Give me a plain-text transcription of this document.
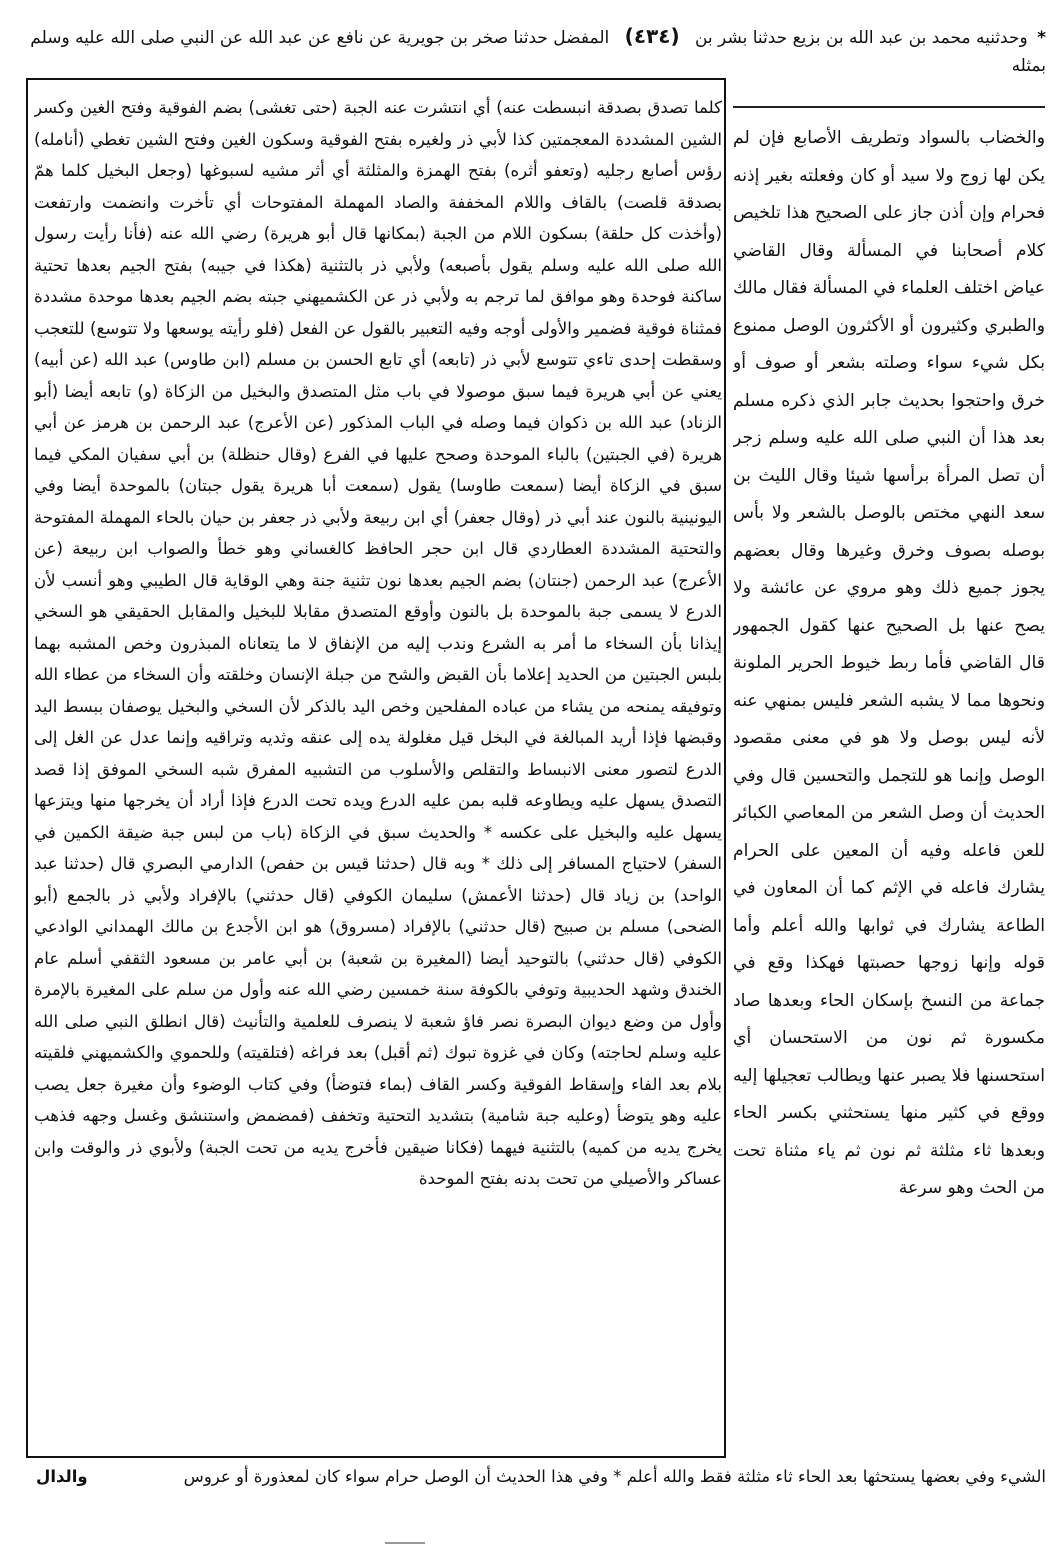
* وحدثنيه محمد بن عبد الله بن بزيع حدثنا بشر بن (٤٣٤) المفضل حدثنا صخر بن جويرية عن نافع عن عبد الله عن النبي صلى الله عليه وسلم بمثله
كلما تصدق بصدقة انبسطت عنه) أي انتشرت عنه الجبة (حتى تغشى) بضم الفوقية وفتح الغين وكسر الشين المشددة المعجمتين كذا لأبي ذر ولغيره بفتح الفوقية وسكون الغين وفتح الشين تغطي (أنامله) رؤس أصابع رجليه (وتعفو أثره) بفتح الهمزة والمثلثة أي أثر مشيه لسبوغها (وجعل البخيل كلما همّ بصدقة قلصت) بالقاف واللام المخففة والصاد المهملة المفتوحات أي تأخرت وانضمت وارتفعت (وأخذت كل حلقة) بسكون اللام من الجبة (بمكانها قال أبو هريرة) رضي الله عنه (فأنا رأيت رسول الله صلى الله عليه وسلم يقول بأصبعه) ولأبي ذر بالتثنية (هكذا في جيبه) بفتح الجيم بعدها تحتية ساكنة فوحدة وهو موافق لما ترجم به ولأبي ذر عن الكشميهني جبته بضم الجيم بعدها موحدة مشددة فمثناة فوقية فضمير والأولى أوجه وفيه التعبير بالقول عن الفعل (فلو رأيته يوسعها ولا تتوسع) للتعجب وسقطت إحدى تاءي تتوسع لأبي ذر (تابعه) أي تابع الحسن بن مسلم (ابن طاوس) عبد الله (عن أبيه) يعني عن أبي هريرة فيما سبق موصولا في باب مثل المتصدق والبخيل من الزكاة (و) تابعه أيضا (أبو الزناد) عبد الله بن ذكوان فيما وصله في الباب المذكور (عن الأعرج) عبد الرحمن بن هرمز عن أبي هريرة (في الجبتين) بالباء الموحدة وصحح عليها في الفرع (وقال حنظلة) بن أبي سفيان المكي فيما سبق في الزكاة أيضا (سمعت طاوسا) يقول (سمعت أبا هريرة يقول جبتان) بالموحدة أيضا وفي اليونينية بالنون عند أبي ذر (وقال جعفر) أي ابن ربيعة ولأبي ذر جعفر بن حيان بالحاء المهملة المفتوحة والتحتية المشددة العطاردي قال ابن حجر الحافظ كالغساني وهو خطأ والصواب ابن ربيعة (عن الأعرج) عبد الرحمن (جنتان) بضم الجيم بعدها نون تثنية جنة وهي الوقاية قال الطيبي وهو أنسب لأن الدرع لا يسمى جبة بالموحدة بل بالنون وأوقع المتصدق مقابلا للبخيل والمقابل الحقيقي هو السخي إيذانا بأن السخاء ما أمر به الشرع وندب إليه من الإنفاق لا ما يتعاناه المبذرون وخص المشبه بهما بلبس الجبتين من الحديد إعلاما بأن القبض والشح من جبلة الإنسان وخلقته وأن السخاء من عطاء الله وتوفيقه يمنحه من يشاء من عباده المفلحين وخص اليد بالذكر لأن السخي والبخيل يوصفان ببسط اليد وقبضها فإذا أريد المبالغة في البخل قيل مغلولة يده إلى عنقه وثديه وتراقيه وإنما عدل عن الغل إلى الدرع لتصور معنى الانبساط والتقلص والأسلوب من التشبيه المفرق شبه السخي الموفق إذا قصد التصدق يسهل عليه ويطاوعه قلبه بمن عليه الدرع ويده تحت الدرع فإذا أراد أن يخرجها منها ويتزعها يسهل عليه والبخيل على عكسه * والحديث سبق في الزكاة (باب من لبس جبة ضيقة الكمين في السفر) لاحتياج المسافر إلى ذلك * وبه قال (حدثنا قيس بن حفص) الدارمي البصري قال (حدثنا عبد الواحد) بن زياد قال (حدثنا الأعمش) سليمان الكوفي (قال حدثني) بالإفراد ولأبي ذر بالجمع (أبو الضحى) مسلم بن صبيح (قال حدثني) بالإفراد (مسروق) هو ابن الأجدع بن مالك الهمداني الوادعي الكوفي (قال حدثني) بالتوحيد أيضا (المغيرة بن شعبة) بن أبي عامر بن مسعود الثقفي أسلم عام الخندق وشهد الحديبية وتوفي بالكوفة سنة خمسين رضي الله عنه وأول من سلم على المغيرة بالإمرة وأول من وضع ديوان البصرة نصر فاؤ شعبة لا ينصرف للعلمية والتأنيث (قال انطلق النبي صلى الله عليه وسلم لحاجته) وكان في غزوة تبوك (ثم أقبل) بعد فراغه (فتلقيته) وللحموي والكشميهني فلقيته بلام بعد الفاء وإسقاط الفوقية وكسر القاف (بماء فتوضأ) وفي كتاب الوضوء وأن مغيرة جعل يصب عليه وهو يتوضأ (وعليه جبة شامية) بتشديد التحتية وتخفف (فمضمض واستنشق وغسل وجهه فذهب يخرج يديه من كميه) بالتثنية فيهما (فكانا ضيقين فأخرج يديه من تحت الجبة) ولأبوي ذر والوقت وابن عساكر والأصيلي من تحت بدنه بفتح الموحدة
والخضاب بالسواد وتطريف الأصابع فإن لم يكن لها زوج ولا سيد أو كان وفعلته بغير إذنه فحرام وإن أذن جاز على الصحيح هذا تلخيص كلام أصحابنا في المسألة وقال القاضي عياض اختلف العلماء في المسألة فقال مالك والطبري وكثيرون أو الأكثرون الوصل ممنوع بكل شيء سواء وصلته بشعر أو صوف أو خرق واحتجوا بحديث جابر الذي ذكره مسلم بعد هذا أن النبي صلى الله عليه وسلم زجر أن تصل المرأة برأسها شيئا وقال الليث بن سعد النهي مختص بالوصل بالشعر ولا بأس بوصله بصوف وخرق وغيرها وقال بعضهم يجوز جميع ذلك وهو مروي عن عائشة ولا يصح عنها بل الصحيح عنها كقول الجمهور قال القاضي فأما ربط خيوط الحرير الملونة ونحوها مما لا يشبه الشعر فليس بمنهي عنه لأنه ليس بوصل ولا هو في معنى مقصود الوصل وإنما هو للتجمل والتحسين قال وفي الحديث أن وصل الشعر من المعاصي الكبائر للعن فاعله وفيه أن المعين على الحرام يشارك فاعله في الإثم كما أن المعاون في الطاعة يشارك في ثوابها والله أعلم وأما قوله وإنها زوجها حصبتها فهكذا وقع في جماعة من النسخ بإسكان الحاء وبعدها صاد مكسورة ثم نون من الاستحسان أي استحسنها فلا يصبر عنها ويطالب تعجيلها إليه ووقع في كثير منها يستحثني بكسر الحاء وبعدها ثاء مثلثة ثم نون ثم ياء مثناة تحت من الحث وهو سرعة
الشيء وفي بعضها يستحثها بعد الحاء ثاء مثلثة فقط والله أعلم * وفي هذا الحديث أن الوصل حرام سواء كان لمعذورة أو عروس
والدال
